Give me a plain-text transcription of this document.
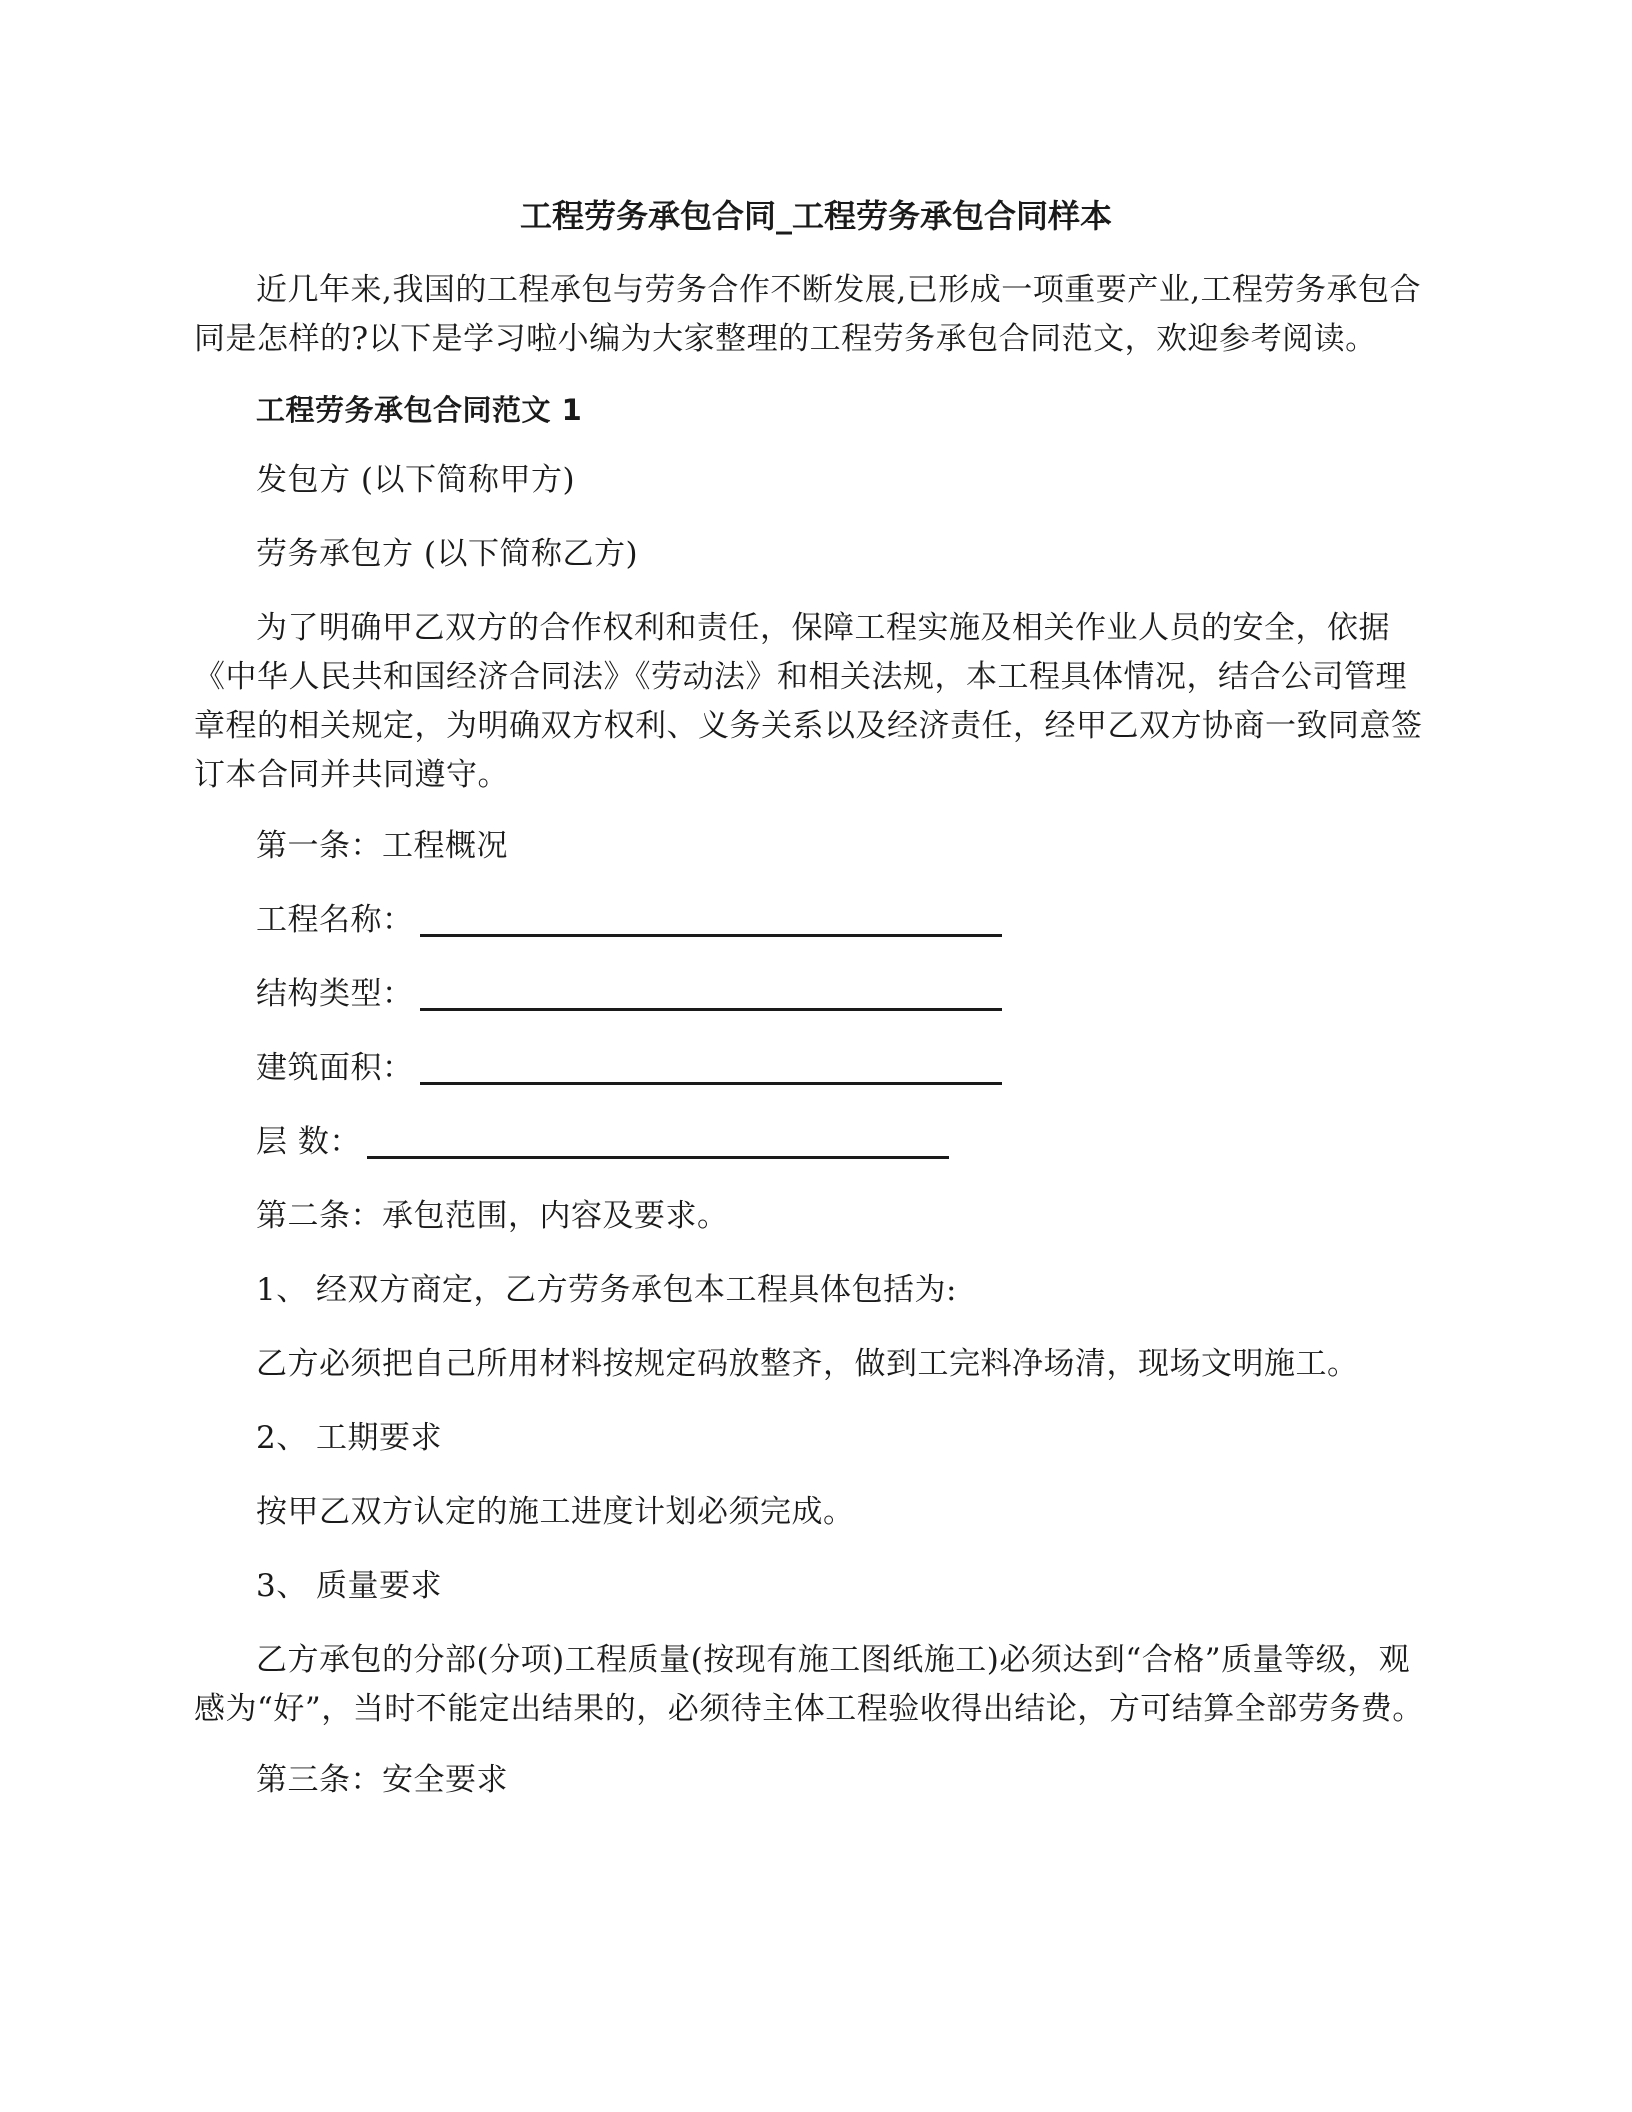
工程劳务承包合同_工程劳务承包合同样本

近几年来,我国的工程承包与劳务合作不断发展,已形成一项重要产业,工程劳务承包合同是怎样的?以下是学习啦小编为大家整理的工程劳务承包合同范文，欢迎参考阅读。

工程劳务承包合同范文 1

发包方 (以下简称甲方)

劳务承包方 (以下简称乙方)

为了明确甲乙双方的合作权利和责任，保障工程实施及相关作业人员的安全，依据《中华人民共和国经济合同法》《劳动法》和相关法规，本工程具体情况，结合公司管理章程的相关规定，为明确双方权利、义务关系以及经济责任，经甲乙双方协商一致同意签订本合同并共同遵守。

第一条：工程概况

工程名称：
结构类型：
建筑面积：
层 数：

第二条：承包范围，内容及要求。

1、 经双方商定，乙方劳务承包本工程具体包括为:

乙方必须把自己所用材料按规定码放整齐，做到工完料净场清，现场文明施工。

2、 工期要求

按甲乙双方认定的施工进度计划必须完成。

3、 质量要求

乙方承包的分部(分项)工程质量(按现有施工图纸施工)必须达到“合格”质量等级，观感为“好”，当时不能定出结果的，必须待主体工程验收得出结论，方可结算全部劳务费。

第三条：安全要求
